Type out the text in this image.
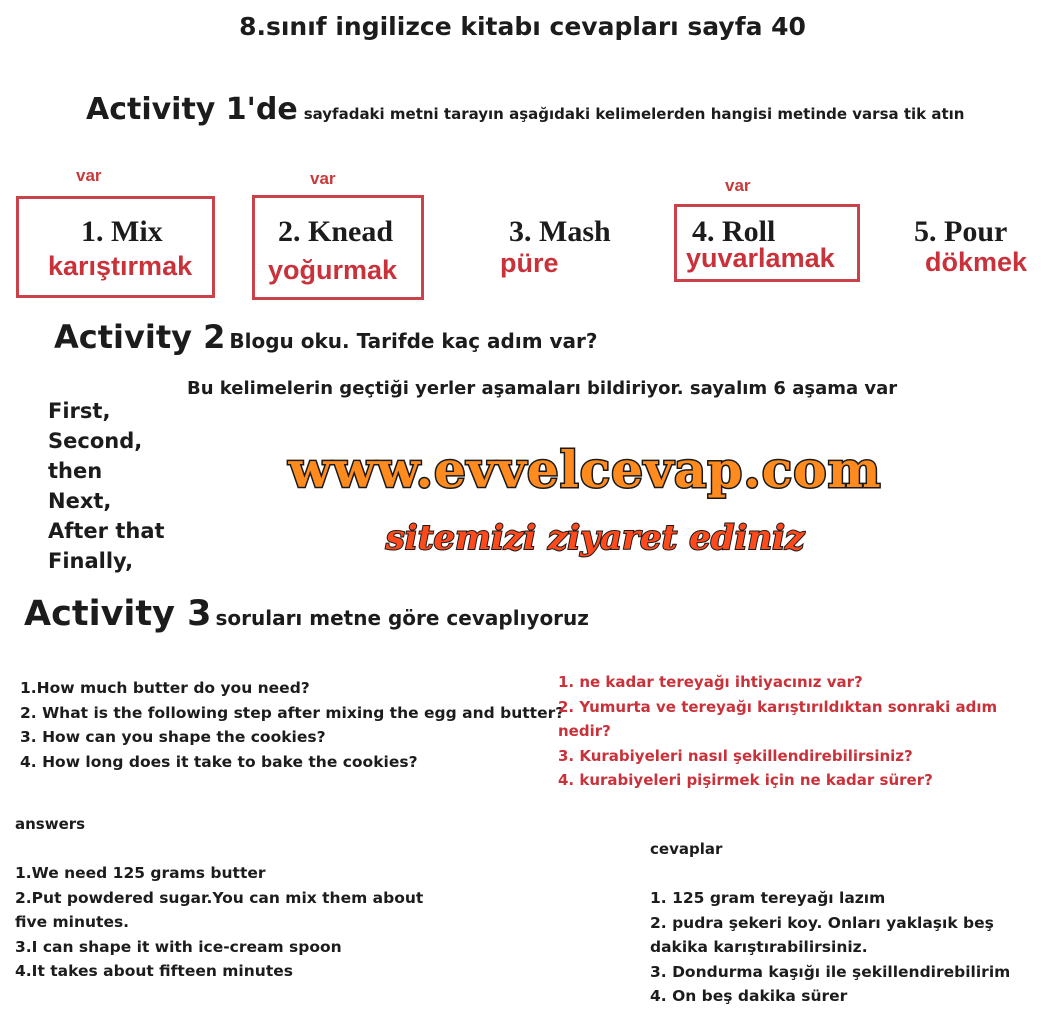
8.sınıf ingilizce kitabı cevapları sayfa 40
Activity 1'de sayfadaki metni tarayın aşağıdaki kelimelerden hangisi metinde varsa tik atın
var	var	var
1. Mix
karıştırmak
2. Knead
yoğurmak
3. Mash
püre
4. Roll
yuvarlamak
5. Pour
dökmek
Activity 2 Blogu oku. Tarifde kaç adım var?
Bu kelimelerin geçtiği yerler aşamaları bildiriyor. sayalım 6 aşama var
First,
Second,
then
Next,
After that
Finally,
www.evvelcevap.com
sitemizi ziyaret ediniz
Activity 3 soruları metne göre cevaplıyoruz
1.How much butter do you need?
2. What is the following step after mixing the egg and butter?
3. How can you shape the cookies?
4. How long does it take to bake the cookies?
1. ne kadar tereyağı ihtiyacınız var?
2. Yumurta ve tereyağı karıştırıldıktan sonraki adım nedir?
3. Kurabiyeleri nasıl şekillendirebilirsiniz?
4. kurabiyeleri pişirmek için ne kadar sürer?
answers
1.We need 125 grams butter
2.Put powdered sugar.You can mix them about five minutes.
3.I can shape it with ice-cream spoon
4.It takes about fifteen minutes
cevaplar
1. 125 gram tereyağı lazım
2. pudra şekeri koy. Onları yaklaşık beş dakika karıştırabilirsiniz.
3. Dondurma kaşığı ile şekillendirebilirim
4. On beş dakika sürer
